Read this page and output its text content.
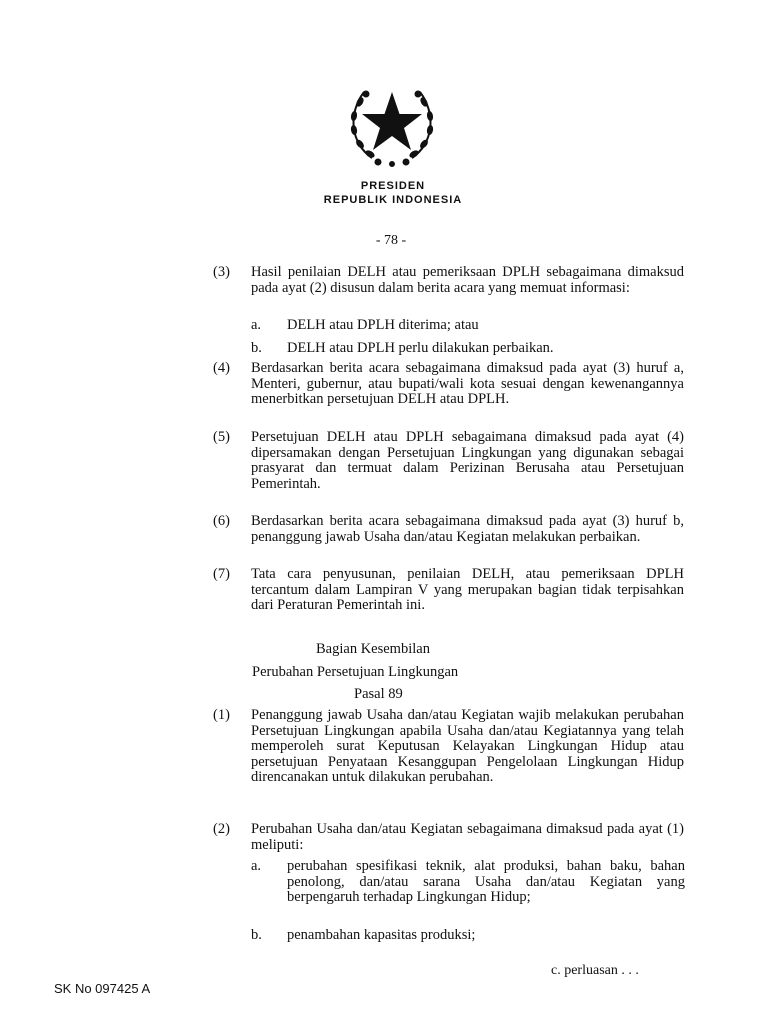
PRESIDEN
REPUBLIK INDONESIA
- 78 -
(3) Hasil penilaian DELH atau pemeriksaan DPLH sebagaimana dimaksud pada ayat (2) disusun dalam berita acara yang memuat informasi:
a. DELH atau DPLH diterima; atau
b. DELH atau DPLH perlu dilakukan perbaikan.
(4) Berdasarkan berita acara sebagaimana dimaksud pada ayat (3) huruf a, Menteri, gubernur, atau bupati/wali kota sesuai dengan kewenangannya menerbitkan persetujuan DELH atau DPLH.
(5) Persetujuan DELH atau DPLH sebagaimana dimaksud pada ayat (4) dipersamakan dengan Persetujuan Lingkungan yang digunakan sebagai prasyarat dan termuat dalam Perizinan Berusaha atau Persetujuan Pemerintah.
(6) Berdasarkan berita acara sebagaimana dimaksud pada ayat (3) huruf b, penanggung jawab Usaha dan/atau Kegiatan melakukan perbaikan.
(7) Tata cara penyusunan, penilaian DELH, atau pemeriksaan DPLH tercantum dalam Lampiran V yang merupakan bagian tidak terpisahkan dari Peraturan Pemerintah ini.
Bagian Kesembilan
Perubahan Persetujuan Lingkungan
Pasal 89
(1) Penanggung jawab Usaha dan/atau Kegiatan wajib melakukan perubahan Persetujuan Lingkungan apabila Usaha dan/atau Kegiatannya yang telah memperoleh surat Keputusan Kelayakan Lingkungan Hidup atau persetujuan Penyataan Kesanggupan Pengelolaan Lingkungan Hidup direncanakan untuk dilakukan perubahan.
(2) Perubahan Usaha dan/atau Kegiatan sebagaimana dimaksud pada ayat (1) meliputi:
a. perubahan spesifikasi teknik, alat produksi, bahan baku, bahan penolong, dan/atau sarana Usaha dan/atau Kegiatan yang berpengaruh terhadap Lingkungan Hidup;
b. penambahan kapasitas produksi;
c. perluasan . . .
SK No 097425 A
